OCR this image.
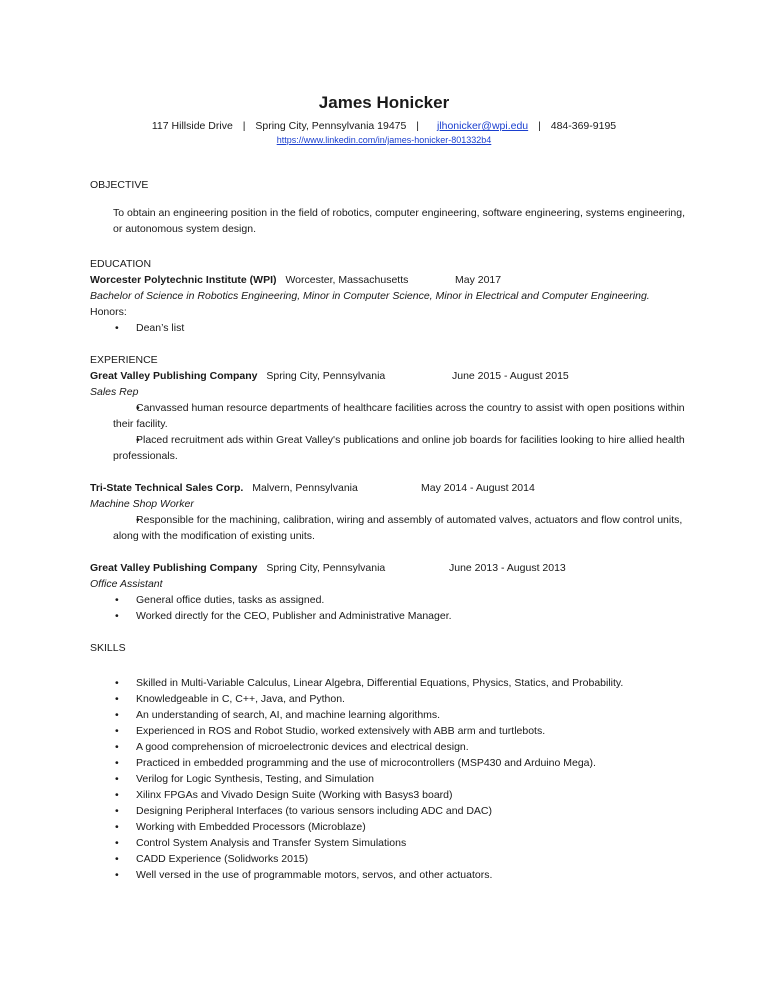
James Honicker
117 Hillside Drive | Spring City, Pennsylvania 19475 | jlhonicker@wpi.edu | 484-369-9195
https://www.linkedin.com/in/james-honicker-801332b4
OBJECTIVE
To obtain an engineering position in the field of robotics, computer engineering, software engineering, systems engineering, or autonomous system design.
EDUCATION
Worcester Polytechnic Institute (WPI) Worcester, Massachusetts	May 2017
Bachelor of Science in Robotics Engineering, Minor in Computer Science, Minor in Electrical and Computer Engineering.
Honors:
• Dean’s list
EXPERIENCE
Great Valley Publishing Company Spring City, Pennsylvania	June 2015 - August 2015
Sales Rep
• Canvassed human resource departments of healthcare facilities across the country to assist with open positions within their facility.
• Placed recruitment ads within Great Valley's publications and online job boards for facilities looking to hire allied health professionals.
Tri-State Technical Sales Corp. Malvern, Pennsylvania	May 2014 - August 2014
Machine Shop Worker
• Responsible for the machining, calibration, wiring and assembly of automated valves, actuators and flow control units, along with the modification of existing units.
Great Valley Publishing Company Spring City, Pennsylvania	June 2013 - August 2013
Office Assistant
• General office duties, tasks as assigned.
• Worked directly for the CEO, Publisher and Administrative Manager.
SKILLS
• Skilled in Multi-Variable Calculus, Linear Algebra, Differential Equations, Physics, Statics, and Probability.
• Knowledgeable in C, C++, Java, and Python.
• An understanding of search, AI, and machine learning algorithms.
• Experienced in ROS and Robot Studio, worked extensively with ABB arm and turtlebots.
• A good comprehension of microelectronic devices and electrical design.
• Practiced in embedded programming and the use of microcontrollers (MSP430 and Arduino Mega).
• Verilog for Logic Synthesis, Testing, and Simulation
• Xilinx FPGAs and Vivado Design Suite (Working with Basys3 board)
• Designing Peripheral Interfaces (to various sensors including ADC and DAC)
• Working with Embedded Processors (Microblaze)
• Control System Analysis and Transfer System Simulations
• CADD Experience (Solidworks 2015)
• Well versed in the use of programmable motors, servos, and other actuators.
